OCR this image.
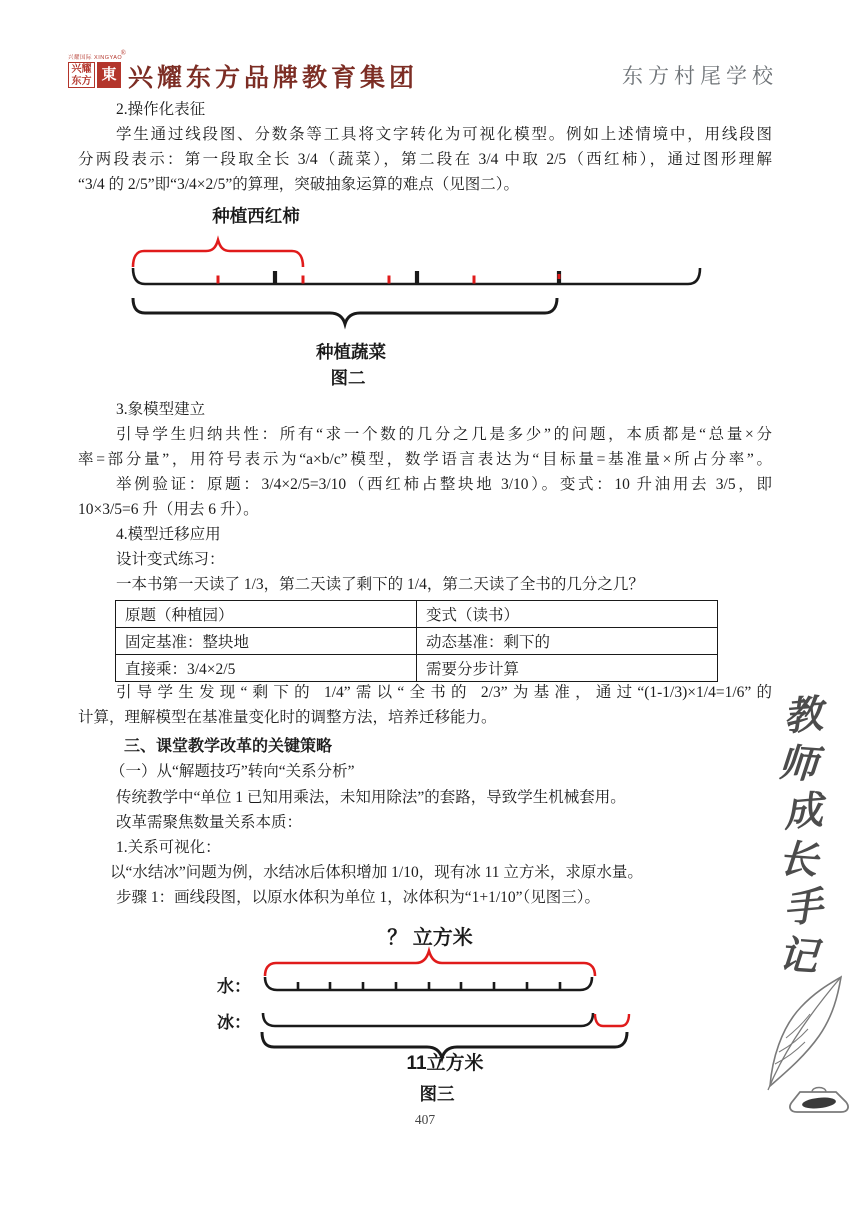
兴耀国际 XINGYAO
®
兴耀东方 東 兴耀东方品牌教育集团	东方村尾学校
2.操作化表征
学生通过线段图、分数条等工具将文字转化为可视化模型。例如上述情境中，用线段图
分两段表示：第一段取全长 3/4（蔬菜），第二段在 3/4 中取 2/5（西红柿），通过图形理解
“3/4 的 2/5”即“3/4×2/5”的算理，突破抽象运算的难点（见图二）。
3.象模型建立
引导学生归纳共性：所有“求一个数的几分之几是多少”的问题，本质都是“总量×分
率=部分量”，用符号表示为“a×b/c”模型，数学语言表达为“目标量=基准量×所占分率”。
举例验证：原题：3/4×2/5=3/10（西红柿占整块地 3/10）。变式：10 升油用去 3/5，即
10×3/5=6 升（用去 6 升）。
4.模型迁移应用
设计变式练习：
一本书第一天读了 1/3，第二天读了剩下的 1/4，第二天读了全书的几分之几？
引导学生发现“剩下的 1/4”需以“全书的 2/3”为基准，通过“(1-1/3)×1/4=1/6”的
计算，理解模型在基准量变化时的调整方法，培养迁移能力。
三、课堂教学改革的关键策略
（一）从“解题技巧”转向“关系分析”
传统教学中“单位 1 已知用乘法，未知用除法”的套路，导致学生机械套用。
改革需聚焦数量关系本质：
1.关系可视化：
以“水结冰”问题为例，水结冰后体积增加 1/10，现有冰 11 立方米，求原水量。
步骤 1：画线段图，以原水体积为单位 1，冰体积为“1+1/10”（见图三）。
原题（种植园）	变式（读书）
固定基准：整块地	动态基准：剩下的
直接乘：3/4×2/5	需要分步计算
种植西红柿
种植蔬菜
图二
？ 立方米
水：
冰：
11立方米
图三
教
师
成
长
手
记
407
